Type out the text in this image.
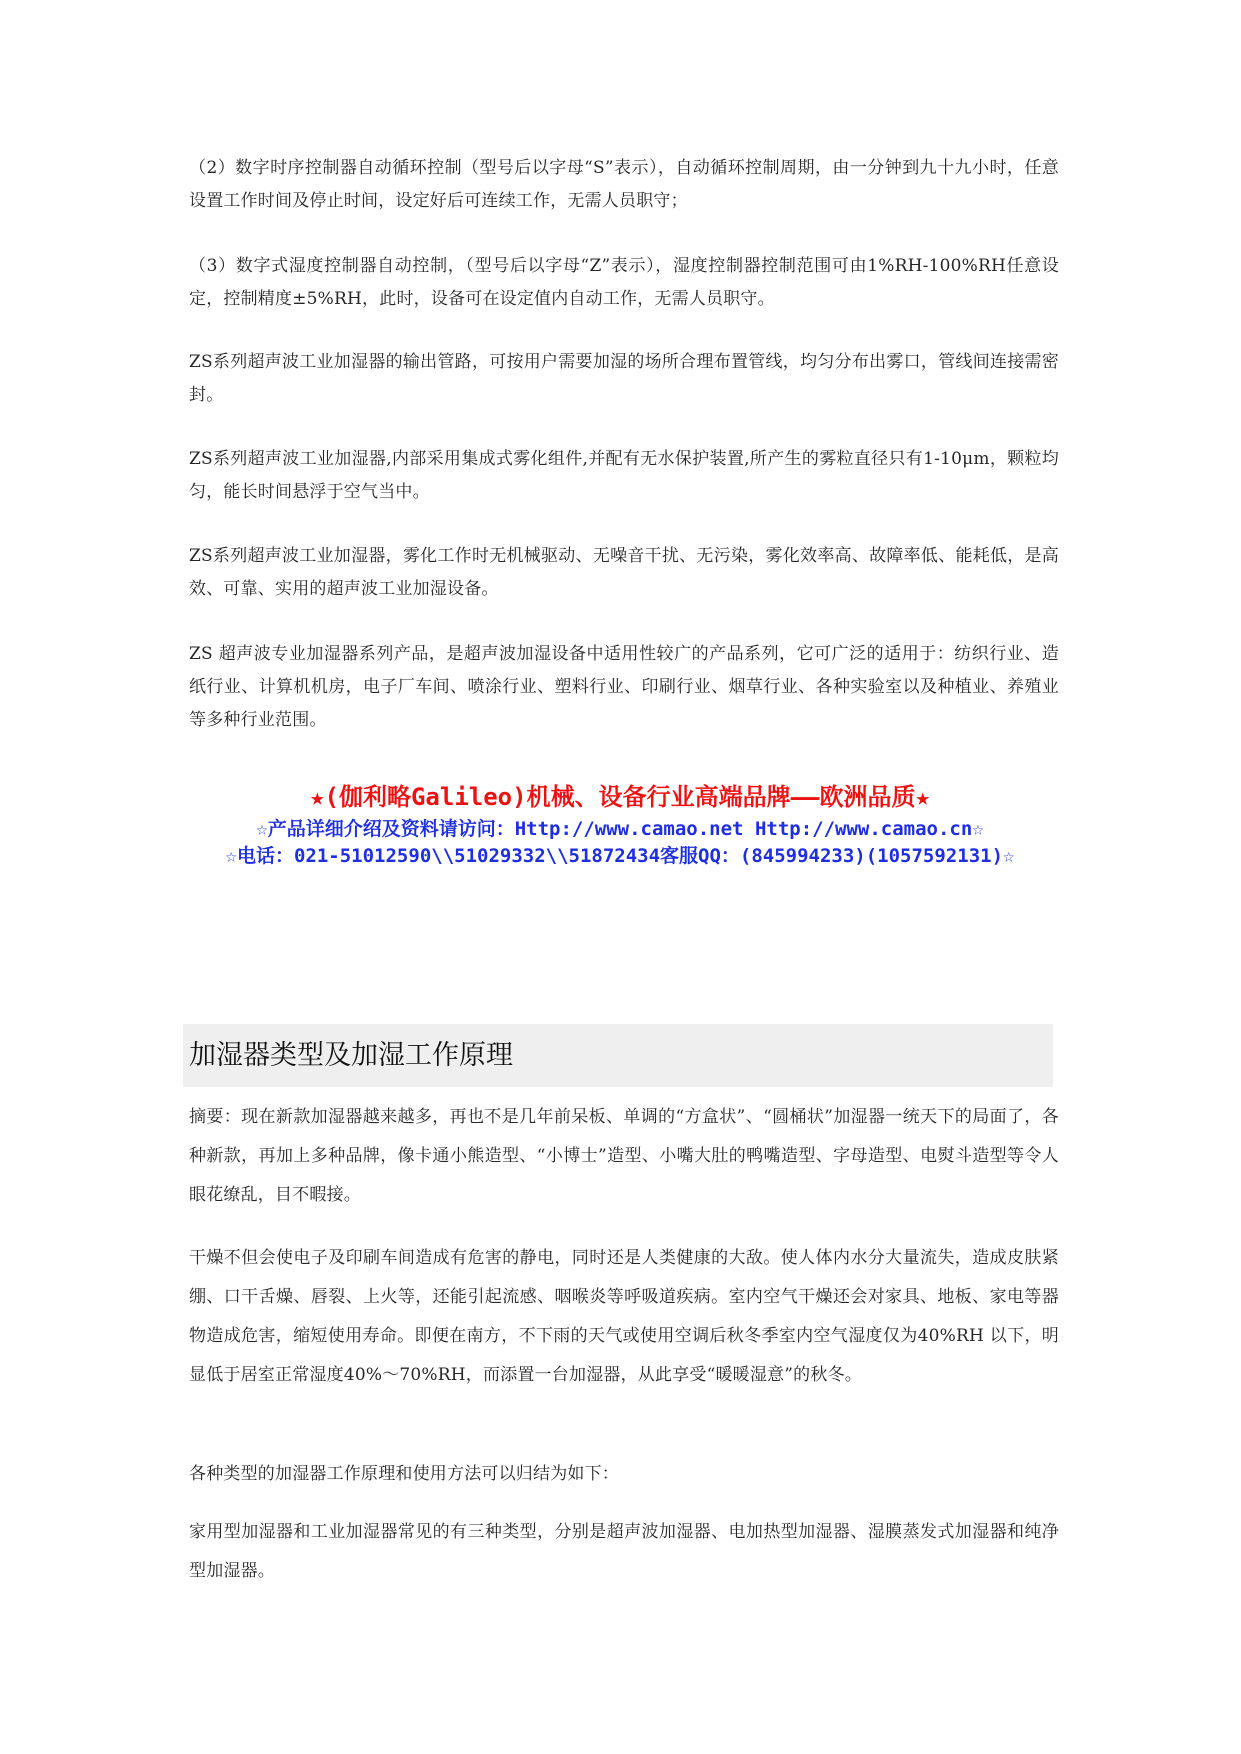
（2）数字时序控制器自动循环控制（型号后以字母“S”表示），自动循环控制周期，由一分钟到九十九小时，任意设置工作时间及停止时间，设定好后可连续工作，无需人员职守；

（3）数字式湿度控制器自动控制，（型号后以字母“Z”表示），湿度控制器控制范围可由1%RH-100%RH任意设定，控制精度±5%RH，此时，设备可在设定值内自动工作，无需人员职守。

ZS系列超声波工业加湿器的输出管路，可按用户需要加湿的场所合理布置管线，均匀分布出雾口，管线间连接需密封。

ZS系列超声波工业加湿器,内部采用集成式雾化组件,并配有无水保护装置,所产生的雾粒直径只有1-10μm，颗粒均匀，能长时间悬浮于空气当中。

ZS系列超声波工业加湿器，雾化工作时无机械驱动、无噪音干扰、无污染，雾化效率高、故障率低、能耗低，是高效、可靠、实用的超声波工业加湿设备。

ZS 超声波专业加湿器系列产品，是超声波加湿设备中适用性较广的产品系列，它可广泛的适用于：纺织行业、造纸行业、计算机机房，电子厂车间、喷涂行业、塑料行业、印刷行业、烟草行业、各种实验室以及种植业、养殖业等多种行业范围。

★(伽利略Galileo)机械、设备行业高端品牌——欧洲品质★

☆产品详细介绍及资料请访问：Http://www.camao.net Http://www.camao.cn☆

☆电话：021-51012590\\51029332\\51872434客服QQ：(845994233)(1057592131)☆

加湿器类型及加湿工作原理

摘要：现在新款加湿器越来越多，再也不是几年前呆板、单调的“方盒状”、“圆桶状”加湿器一统天下的局面了，各种新款，再加上多种品牌，像卡通小熊造型、“小博士”造型、小嘴大肚的鸭嘴造型、字母造型、电熨斗造型等令人眼花缭乱，目不暇接。

干燥不但会使电子及印刷车间造成有危害的静电，同时还是人类健康的大敌。使人体内水分大量流失，造成皮肤紧绷、口干舌燥、唇裂、上火等，还能引起流感、咽喉炎等呼吸道疾病。室内空气干燥还会对家具、地板、家电等器物造成危害，缩短使用寿命。即便在南方，不下雨的天气或使用空调后秋冬季室内空气湿度仅为40%RH 以下，明显低于居室正常湿度40%～70%RH，而添置一台加湿器，从此享受“暖暖湿意”的秋冬。

各种类型的加湿器工作原理和使用方法可以归结为如下：

家用型加湿器和工业加湿器常见的有三种类型，分别是超声波加湿器、电加热型加湿器、湿膜蒸发式加湿器和纯净型加湿器。
